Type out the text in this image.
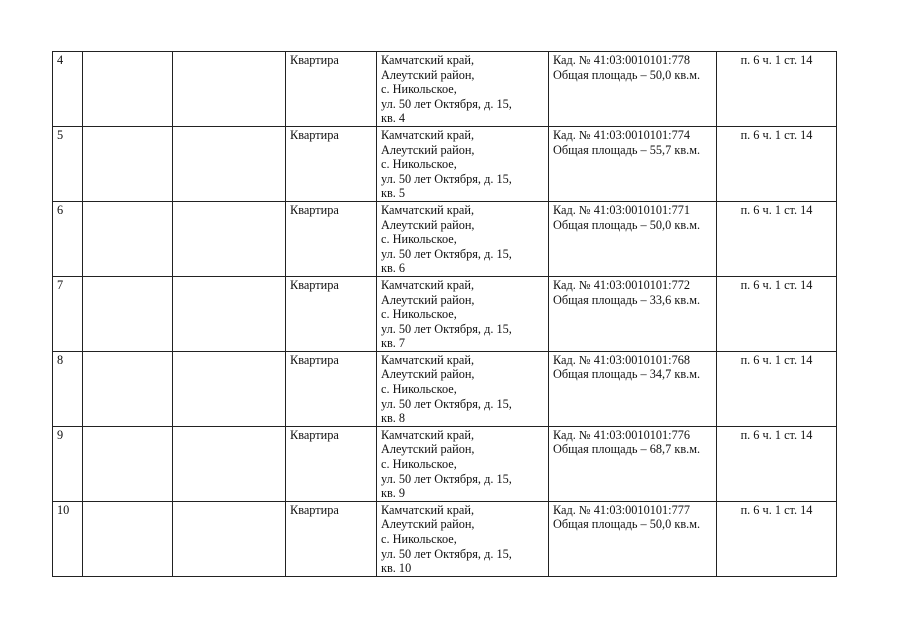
4			Квартира	Камчатский край,
Алеутский район,
с. Никольское,
ул. 50 лет Октября, д. 15,
кв. 4	Кад. № 41:03:0010101:778
Общая площадь – 50,0 кв.м.	п. 6 ч. 1 ст. 14
5			Квартира	Камчатский край,
Алеутский район,
с. Никольское,
ул. 50 лет Октября, д. 15,
кв. 5	Кад. № 41:03:0010101:774
Общая площадь – 55,7 кв.м.	п. 6 ч. 1 ст. 14
6			Квартира	Камчатский край,
Алеутский район,
с. Никольское,
ул. 50 лет Октября, д. 15,
кв. 6	Кад. № 41:03:0010101:771
Общая площадь – 50,0 кв.м.	п. 6 ч. 1 ст. 14
7			Квартира	Камчатский край,
Алеутский район,
с. Никольское,
ул. 50 лет Октября, д. 15,
кв. 7	Кад. № 41:03:0010101:772
Общая площадь – 33,6 кв.м.	п. 6 ч. 1 ст. 14
8			Квартира	Камчатский край,
Алеутский район,
с. Никольское,
ул. 50 лет Октября, д. 15,
кв. 8	Кад. № 41:03:0010101:768
Общая площадь – 34,7 кв.м.	п. 6 ч. 1 ст. 14
9			Квартира	Камчатский край,
Алеутский район,
с. Никольское,
ул. 50 лет Октября, д. 15,
кв. 9	Кад. № 41:03:0010101:776
Общая площадь – 68,7 кв.м.	п. 6 ч. 1 ст. 14
10			Квартира	Камчатский край,
Алеутский район,
с. Никольское,
ул. 50 лет Октября, д. 15,
кв. 10	Кад. № 41:03:0010101:777
Общая площадь – 50,0 кв.м.	п. 6 ч. 1 ст. 14
